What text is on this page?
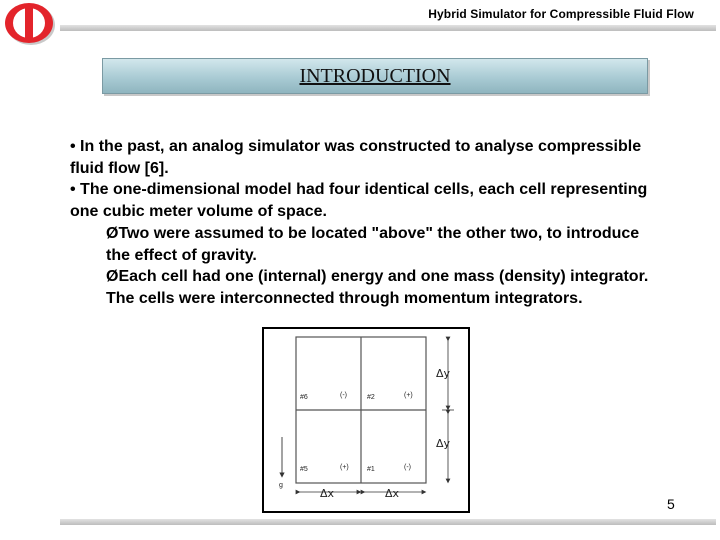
Hybrid Simulator for Compressible Fluid Flow
INTRODUCTION

• In the past, an analog simulator was constructed to analyse compressible fluid flow [6].

• The one-dimensional model had four identical cells, each cell representing one cubic meter volume of space.

ØTwo were assumed to be located "above" the other two, to introduce the effect of gravity.

ØEach cell had one (internal) energy and one mass (density) integrator. The cells were interconnected through momentum integrators.

#6	(-)	#2	(+)
#5	(+)	#1	(-)
Δy
Δy
Δx	Δx
g
5
